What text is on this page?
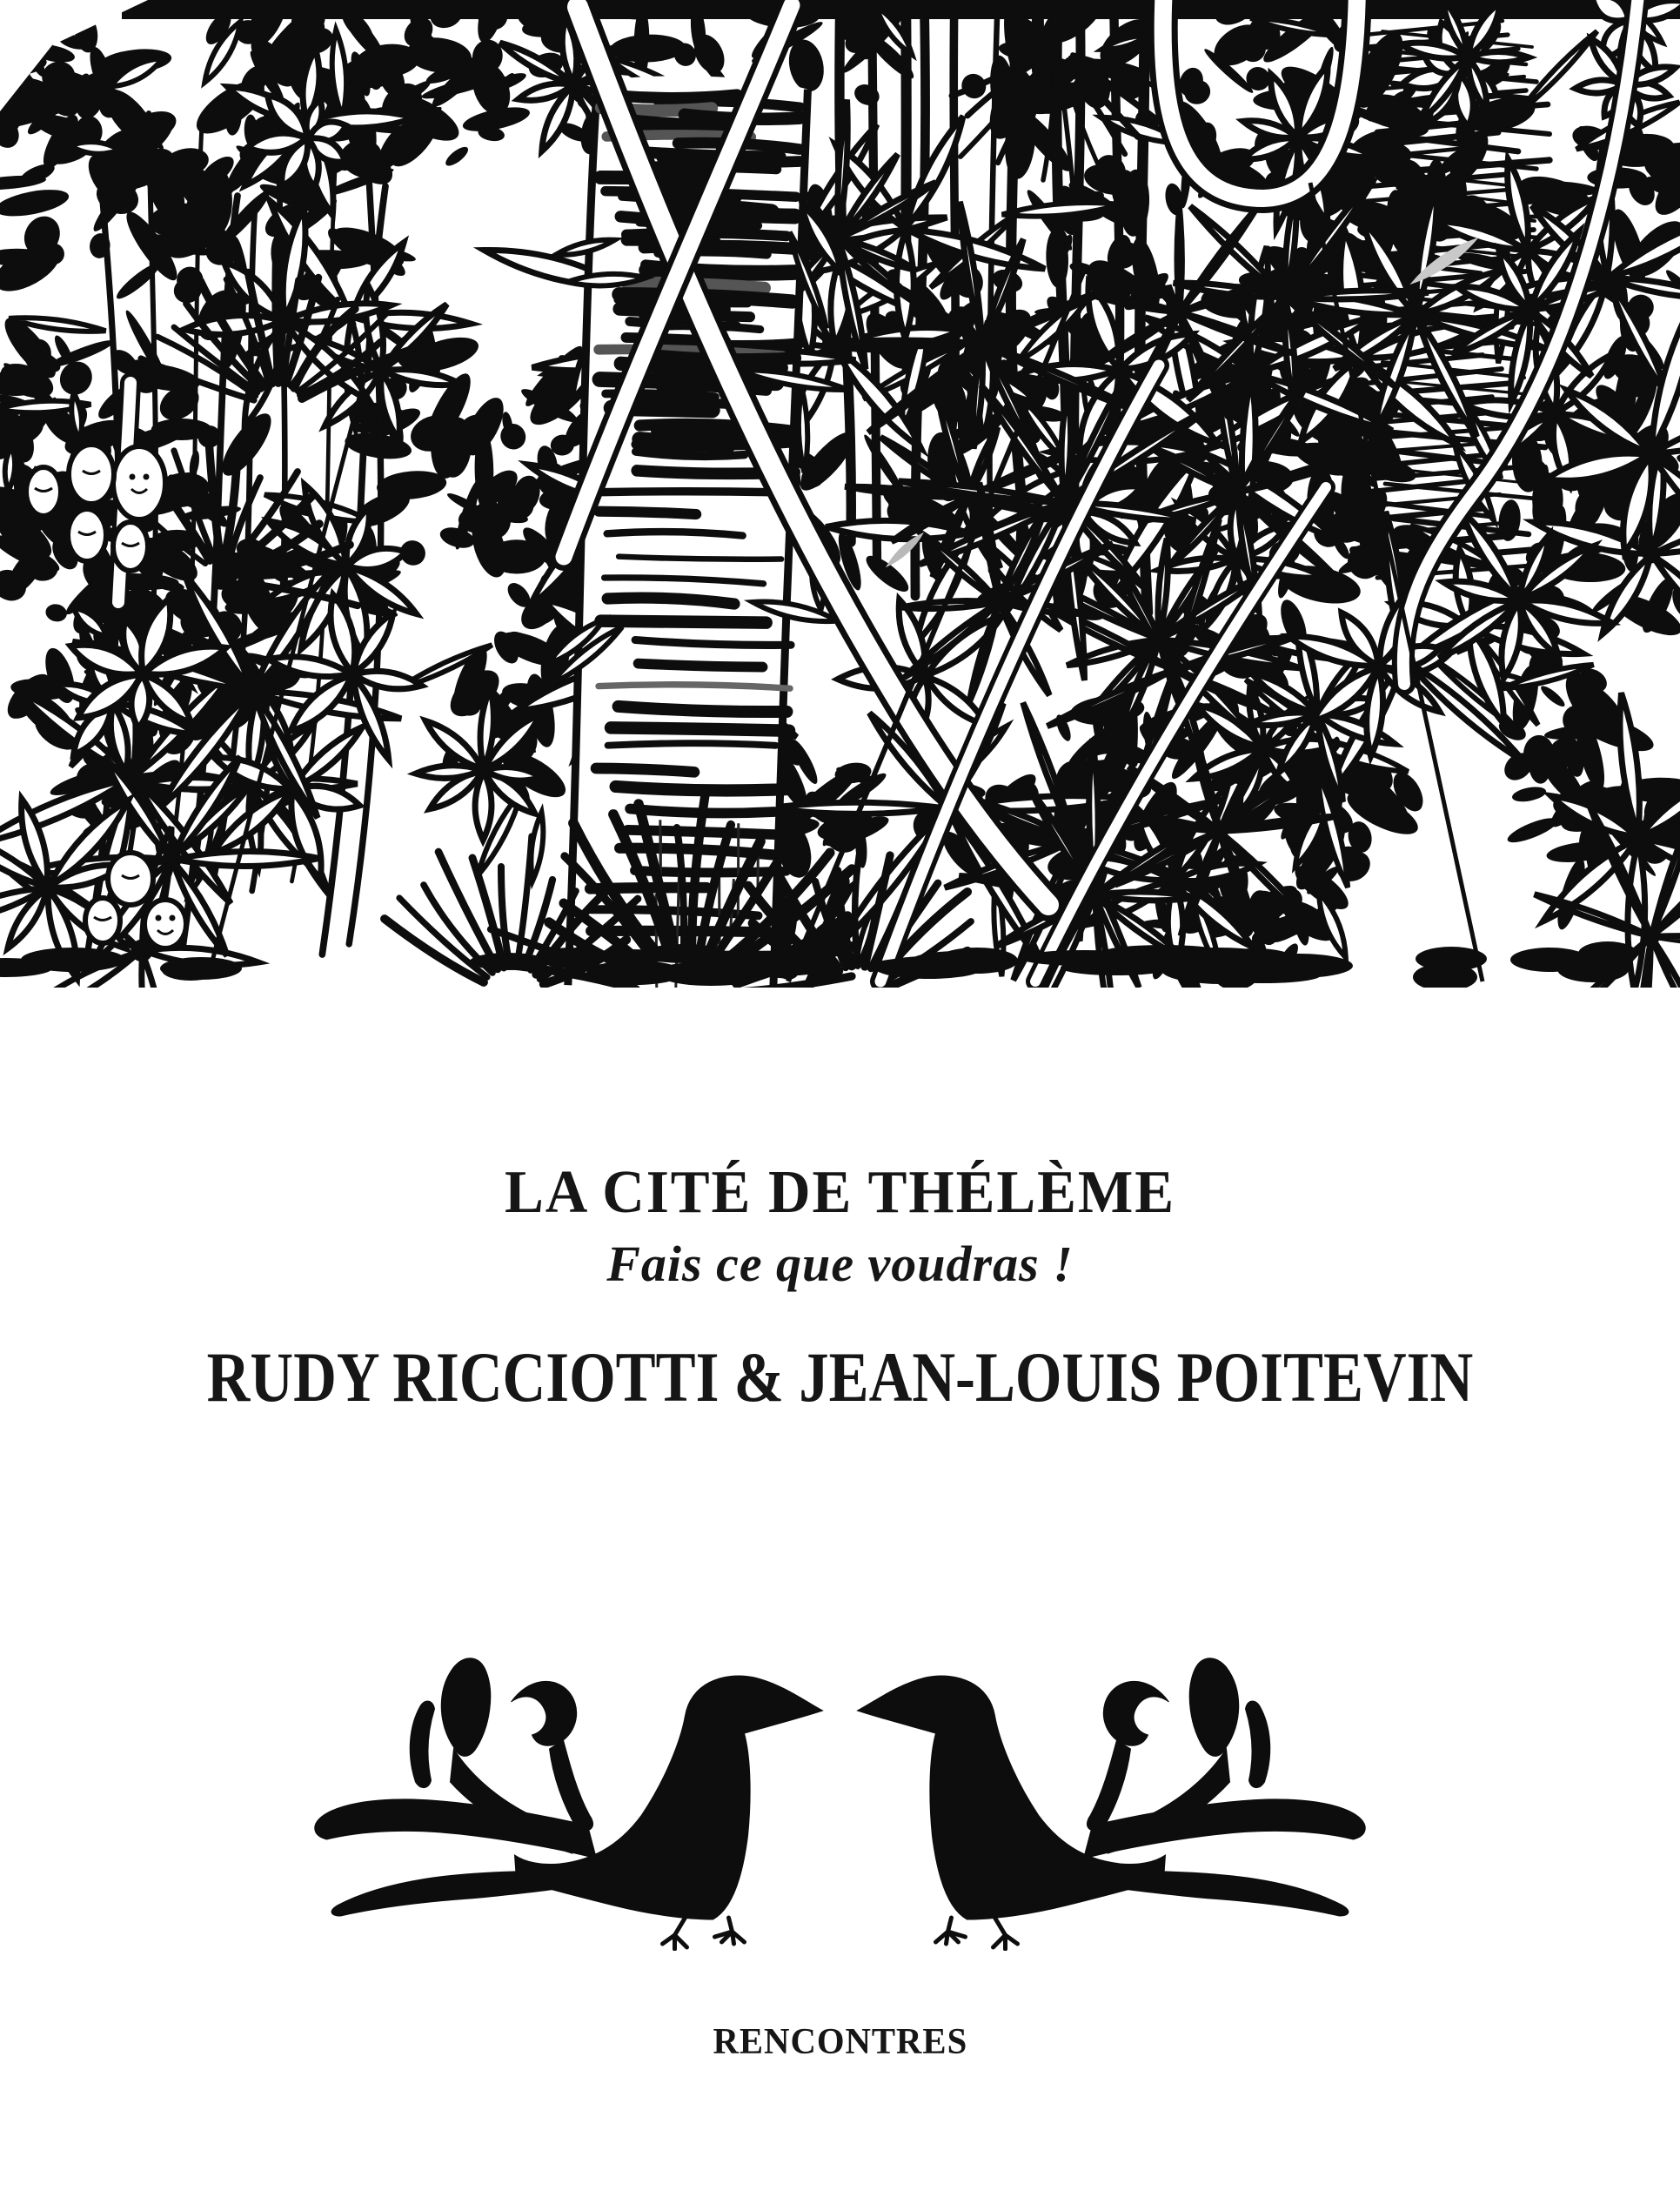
LA CITÉ DE THÉLÈME
Fais ce que voudras !
RUDY RICCIOTTI & JEAN-LOUIS POITEVIN
RENCONTRES
